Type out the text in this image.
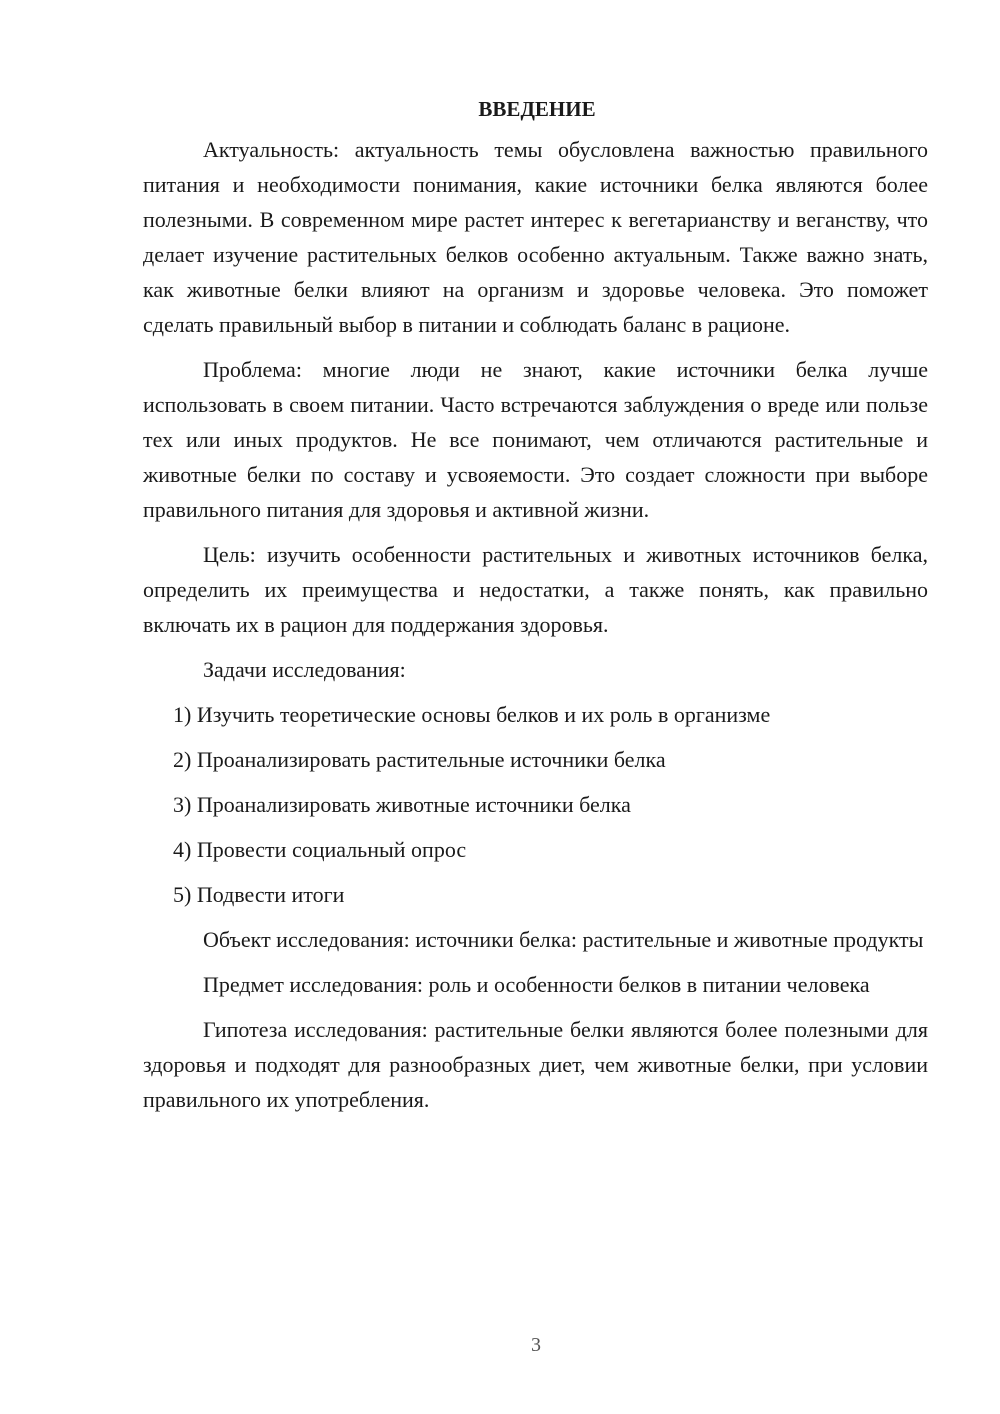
ВВЕДЕНИЕ

Актуальность: актуальность темы обусловлена важностью правильного питания и необходимости понимания, какие источники белка являются более полезными. В современном мире растет интерес к вегетарианству и веганству, что делает изучение растительных белков особенно актуальным. Также важно знать, как животные белки влияют на организм и здоровье человека. Это поможет сделать правильный выбор в питании и соблюдать баланс в рационе.

Проблема: многие люди не знают, какие источники белка лучше использовать в своем питании. Часто встречаются заблуждения о вреде или пользе тех или иных продуктов. Не все понимают, чем отличаются растительные и животные белки по составу и усвояемости. Это создает сложности при выборе правильного питания для здоровья и активной жизни.

Цель: изучить особенности растительных и животных источников белка, определить их преимущества и недостатки, а также понять, как правильно включать их в рацион для поддержания здоровья.

Задачи исследования:

1) Изучить теоретические основы белков и их роль в организме
2) Проанализировать растительные источники белка
3) Проанализировать животные источники белка
4) Провести социальный опрос
5) Подвести итоги

Объект исследования: источники белка: растительные и животные продукты

Предмет исследования: роль и особенности белков в питании человека

Гипотеза исследования: растительные белки являются более полезными для здоровья и подходят для разнообразных диет, чем животные белки, при условии правильного их употребления.

3
